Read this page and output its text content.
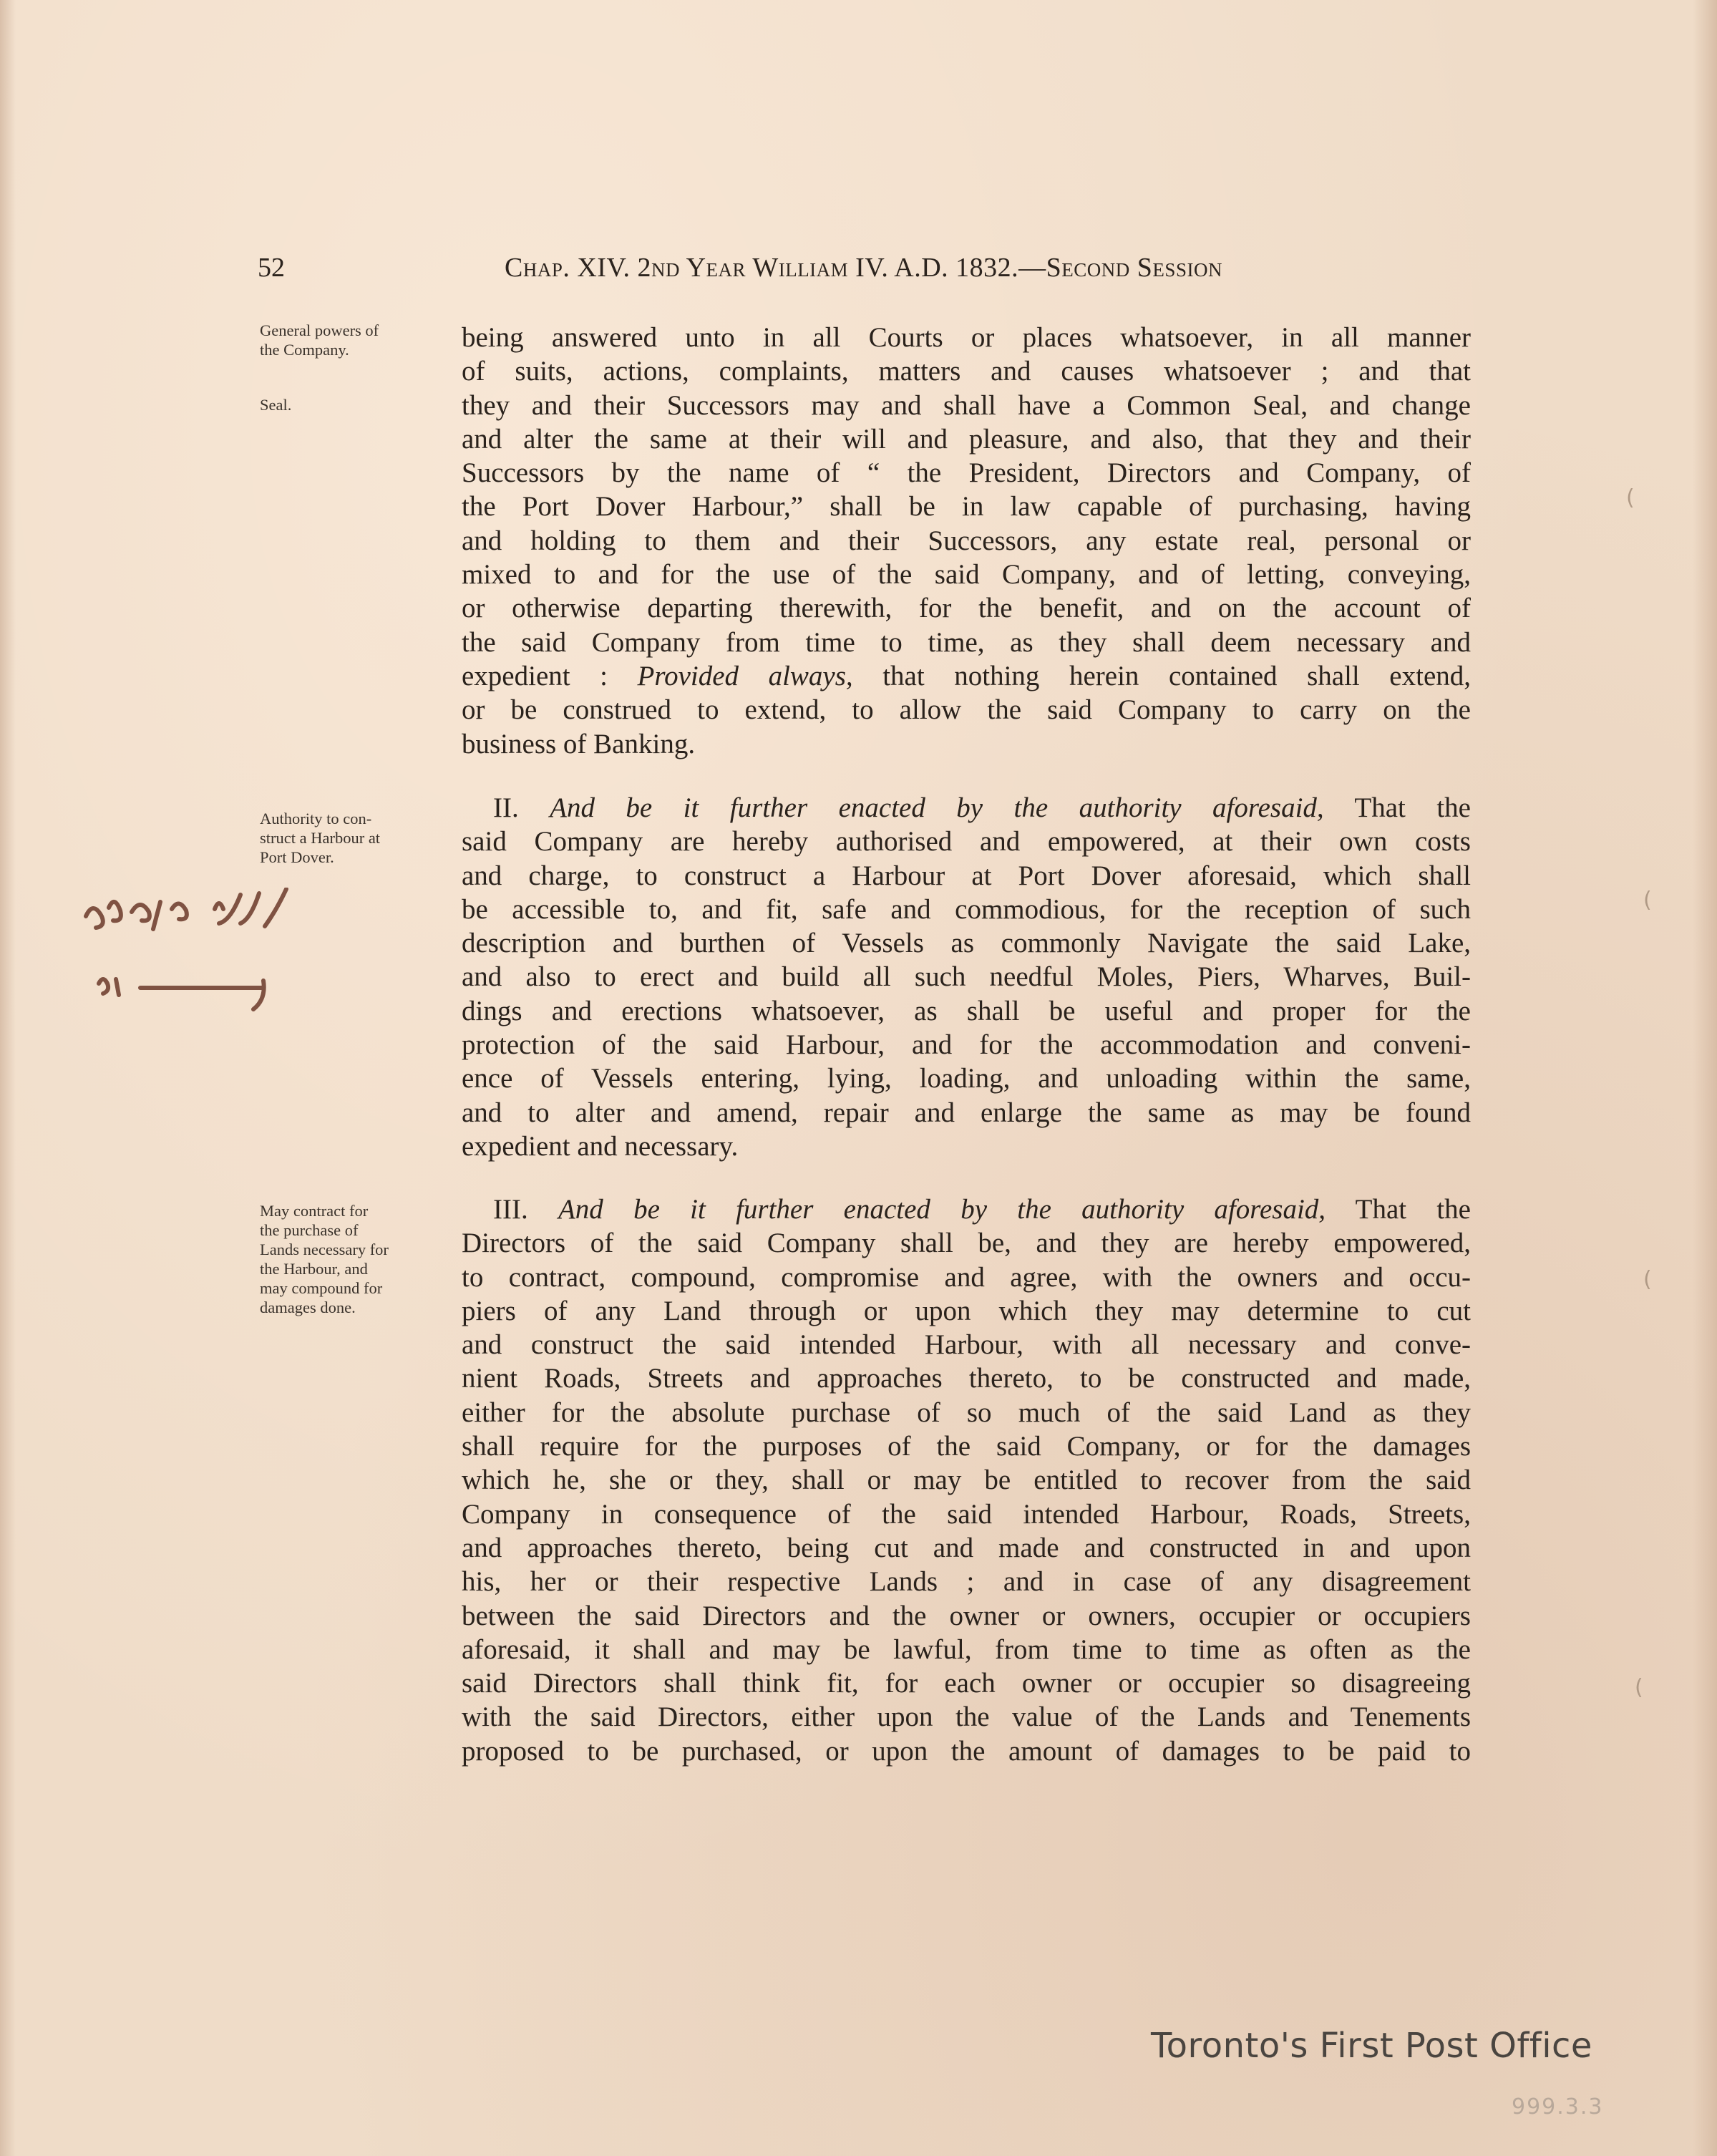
52	Chap. XIV. 2nd Year William IV. A.D. 1832.—Second Session
General powers of
the Company.
Seal.
Authority to con-
struct a Harbour at
Port Dover.
May contract for
the purchase of
Lands necessary for
the Harbour, and
may compound for
damages done.
being answered unto in all Courts or places whatsoever, in all manner
of suits, actions, complaints, matters and causes whatsoever ; and that
they and their Successors may and shall have a Common Seal, and change
and alter the same at their will and pleasure, and also, that they and their
Successors by the name of “ the President, Directors and Company, of
the Port Dover Harbour,” shall be in law capable of purchasing, having
and holding to them and their Successors, any estate real, personal or
mixed to and for the use of the said Company, and of letting, conveying,
or otherwise departing therewith, for the benefit, and on the account of
the said Company from time to time, as they shall deem necessary and
expedient : Provided always, that nothing herein contained shall extend,
or be construed to extend, to allow the said Company to carry on the
business of Banking.
II. And be it further enacted by the authority aforesaid, That the
said Company are hereby authorised and empowered, at their own costs
and charge, to construct a Harbour at Port Dover aforesaid, which shall
be accessible to, and fit, safe and commodious, for the reception of such
description and burthen of Vessels as commonly Navigate the said Lake,
and also to erect and build all such needful Moles, Piers, Wharves, Buil-
dings and erections whatsoever, as shall be useful and proper for the
protection of the said Harbour, and for the accommodation and conveni-
ence of Vessels entering, lying, loading, and unloading within the same,
and to alter and amend, repair and enlarge the same as may be found
expedient and necessary.
III. And be it further enacted by the authority aforesaid, That the
Directors of the said Company shall be, and they are hereby empowered,
to contract, compound, compromise and agree, with the owners and occu-
piers of any Land through or upon which they may determine to cut
and construct the said intended Harbour, with all necessary and conve-
nient Roads, Streets and approaches thereto, to be constructed and made,
either for the absolute purchase of so much of the said Land as they
shall require for the purposes of the said Company, or for the damages
which he, she or they, shall or may be entitled to recover from the said
Company in consequence of the said intended Harbour, Roads, Streets,
and approaches thereto, being cut and made and constructed in and upon
his, her or their respective Lands ; and in case of any disagreement
between the said Directors and the owner or owners, occupier or occupiers
aforesaid, it shall and may be lawful, from time to time as often as the
said Directors shall think fit, for each owner or occupier so disagreeing
with the said Directors, either upon the value of the Lands and Tenements
proposed to be purchased, or upon the amount of damages to be paid to
(
(
(
(
Toronto's First Post Office
999.3.3
